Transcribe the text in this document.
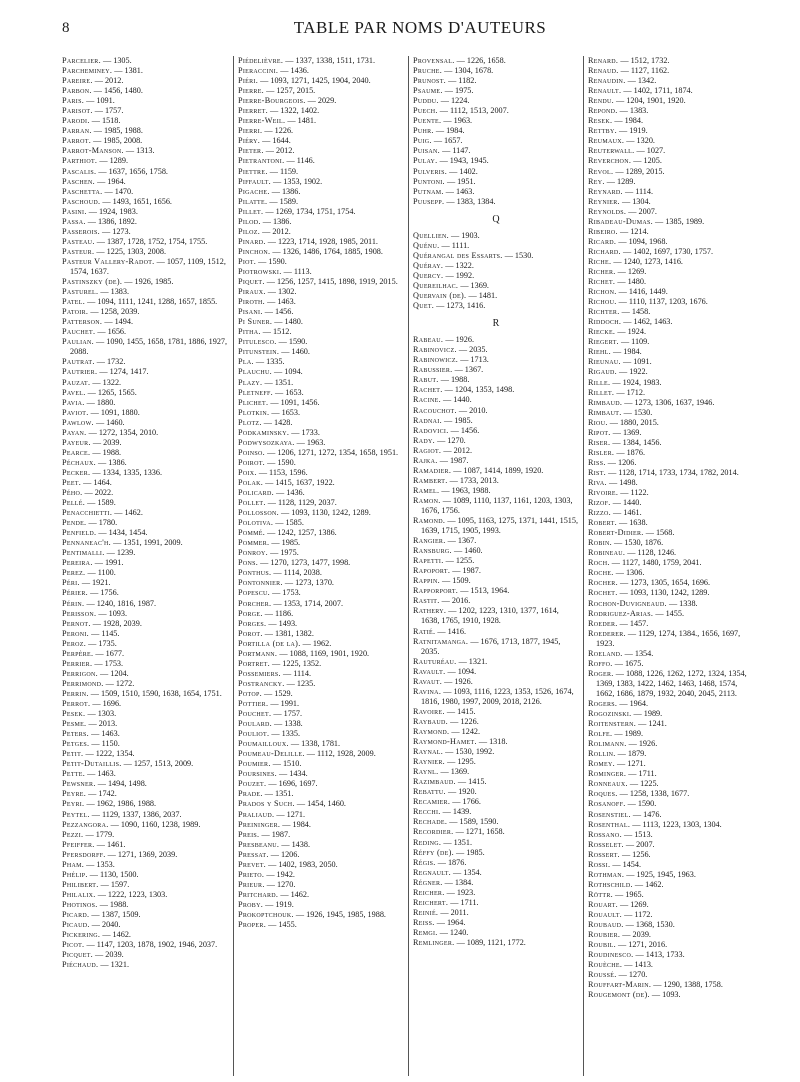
8	TABLE PAR NOMS D'AUTEURS

Parcelier. — 1305.

Parcheminey. — 1381.

Pareire. — 2012.

Parbon. — 1456, 1480.

Paris. — 1091.

Parisot. — 1757.

Parodi. — 1518.

Parran. — 1985, 1988.

Parrot. — 1985, 2008.

Parrot-Manson. — 1313.

Parthiot. — 1289.

Pascalis. — 1637, 1656, 1758.

Paschen. — 1964.

Paschetta. — 1470.

Paschoud. — 1493, 1651, 1656.

Pasini. — 1924, 1983.

Passa. — 1386, 1892.

Passerois. — 1273.

Pasteau. — 1387, 1728, 1752, 1754, 1755.

Pasteur. — 1225, 1303, 2008.

Pasteur Vallery-Radot. — 1057, 1109, 1512, 1574, 1637.

Pastinszky (de). — 1926, 1985.

Pasturel. — 1383.

Patel. — 1094, 1111, 1241, 1288, 1657, 1855.

Patoir. — 1258, 2039.

Patterson. — 1494.

Pauchet. — 1656.

Paulian. — 1090, 1455, 1658, 1781, 1886, 1927, 2088.

Pautrat. — 1732.

Pautrier. — 1274, 1417.

Pauzat. — 1322.

Pavel. — 1265, 1565.

Pavia. — 1880.

Paviot. — 1091, 1880.

Pawlow. — 1460.

Payan. — 1272, 1354, 2010.

Payeur. — 2039.

Pearce. — 1988.

Péchaux. — 1386.

Pecker. — 1334, 1335, 1336.

Peet. — 1464.

Pého. — 2022.

Pellé. — 1589.

Penacchietti. — 1462.

Pende. — 1780.

Penfield. — 1434, 1454.

Pennaneac'h. — 1351, 1991, 2009.

Pentimalli. — 1239.

Pereira. — 1991.

Perez. — 1100.

Péri. — 1921.

Périer. — 1756.

Périn. — 1240, 1816, 1987.

Perisson. — 1093.

Pernot. — 1928, 2039.

Peroni. — 1145.

Peroz. — 1735.

Perpère. — 1677.

Perrier. — 1753.

Perrigon. — 1204.

Perrimond. — 1272.

Perrin. — 1509, 1510, 1590, 1638, 1654, 1751.

Perrot. — 1696.

Pesek. — 1303.

Pesme. — 2013.

Peters. — 1463.

Petges. — 1150.

Petit. — 1222, 1354.

Petit-Dutaillis. — 1257, 1513, 2009.

Pette. — 1463.

Pewsner. — 1494, 1498.

Peyre. — 1742.

Peyri. — 1962, 1986, 1988.

Peytel. — 1129, 1337, 1386, 2037.

Pezzangora. — 1090, 1160, 1238, 1989.

Pezzi. — 1779.

Pfeiffer. — 1461.

Pfersdorff. — 1271, 1369, 2039.

Pham. — 1353.

Phélip. — 1130, 1500.

Philibert. — 1597.

Philalix. — 1222, 1223, 1303.

Photinos. — 1988.

Picard. — 1387, 1509.

Picaud. — 2040.

Pickering. — 1462.

Picot. — 1147, 1203, 1878, 1902, 1946, 2037.

Picquet. — 2039.

Piéchaud. — 1321.

Piédelièvre. — 1337, 1338, 1511, 1731.

Pieraccini. — 1436.

Piéri. — 1093, 1271, 1425, 1904, 2040.

Pierre. — 1257, 2015.

Pierre-Bourgeois. — 2029.

Pierret. — 1322, 1402.

Pierre-Weil. — 1481.

Pierri. — 1226.

Piéry. — 1644.

Pieter. — 2012.

Pietrantoni. — 1146.

Piettre. — 1159.

Piffault. — 1353, 1902.

Pigache. — 1386.

Pilatte. — 1589.

Pillet. — 1269, 1734, 1751, 1754.

Pilod. — 1386.

Piloz. — 2012.

Pinard. — 1223, 1714, 1928, 1985, 2011.

Pinchon. — 1326, 1486, 1764, 1885, 1908.

Piot. — 1590.

Piotrowski. — 1113.

Piquet. — 1256, 1257, 1415, 1898, 1919, 2015.

Piraux. — 1302.

Piroth. — 1463.

Pisani. — 1456.

Pi Suner. — 1480.

Pitha. — 1512.

Pitulesco. — 1590.

Pitunstein. — 1460.

Pla. — 1335.

Plauchu. — 1094.

Plazy. — 1351.

Pletneff. — 1653.

Plichet. — 1091, 1456.

Plotkin. — 1653.

Plotz. — 1428.

Podkaminsky. — 1733.

Podwysozkaya. — 1963.

Poinso. — 1206, 1271, 1272, 1354, 1658, 1951.

Poirot. — 1590.

Poix. — 1153, 1596.

Polak. — 1415, 1637, 1922.

Policard. — 1436.

Pollet. — 1128, 1129, 2037.

Pollosson. — 1093, 1130, 1242, 1289.

Polotiva. — 1585.

Pommé. — 1242, 1257, 1386.

Pommer. — 1985.

Ponroy. — 1975.

Pons. — 1270, 1273, 1477, 1998.

Ponthus. — 1114, 2038.

Pontonnier. — 1273, 1370.

Popescu. — 1753.

Porcher. — 1353, 1714, 2007.

Porge. — 1186.

Porges. — 1493.

Porot. — 1381, 1382.

Portilla (de la). — 1962.

Portmann. — 1088, 1169, 1901, 1920.

Portret. — 1225, 1352.

Possemiers. — 1114.

Postrancky. — 1235.

Potop. — 1529.

Pottier. — 1991.

Pouchet. — 1757.

Poulard. — 1338.

Pouliot. — 1335.

Poumailloux. — 1338, 1781.

Poumeau-Delille. — 1112, 1928, 2009.

Poumier. — 1510.

Poursines. — 1434.

Pouzet. — 1696, 1697.

Prade. — 1351.

Prados y Such. — 1454, 1460.

Praliaud. — 1271.

Preininger. — 1984.

Preis. — 1987.

Presbeanu. — 1438.

Pressat. — 1206.

Prevet. — 1402, 1983, 2050.

Prieto. — 1942.

Prieur. — 1270.

Pritchard. — 1462.

Proby. — 1919.

Prokoptchouk. — 1926, 1945, 1985, 1988.

Proper. — 1455.

Provensal. — 1226, 1658.

Pruche. — 1304, 1678.

Prunost. — 1182.

Psaume. — 1975.

Puddu. — 1224.

Puech. — 1112, 1513, 2007.

Puente. — 1963.

Puhr. — 1984.

Puig. — 1657.

Puisan. — 1147.

Pulay. — 1943, 1945.

Pulveris. — 1402.

Puntoni. — 1951.

Putnam. — 1463.

Puusepp. — 1383, 1384.

Q

Quellien. — 1903.

Quénu. — 1111.

Quérangal des Essarts. — 1530.

Quéray. — 1322.

Quercy. — 1992.

Quereilhac. — 1369.

Quervain (de). — 1481.

Quet. — 1273, 1416.

R

Rabeau. — 1926.

Rabinovicz. — 2035.

Rabinowicz. — 1713.

Rabussier. — 1367.

Rabut. — 1988.

Rachet. — 1204, 1353, 1498.

Racine. — 1440.

Racouchot. — 2010.

Radnai. — 1985.

Radovici. — 1456.

Rady. — 1270.

Ragiot. — 2012.

Rajka. — 1987.

Ramadier. — 1087, 1414, 1899, 1920.

Rambert. — 1733, 2013.

Ramel. — 1963, 1988.

Ramon. — 1089, 1110, 1137, 1161, 1203, 1303, 1676, 1756.

Ramond. — 1095, 1163, 1275, 1371, 1441, 1515, 1639, 1715, 1905, 1993.

Rangier. — 1367.

Ransburg. — 1460.

Rapetti. — 1255.

Rapoport. — 1987.

Rappin. — 1509.

Rapporport. — 1513, 1964.

Rastit. — 2016.

Rathery. — 1202, 1223, 1310, 1377, 1614, 1638, 1765, 1910, 1928.

Ratié. — 1416.

Ratnitamanga. — 1676, 1713, 1877, 1945, 2035.

Rauturéau. — 1321.

Ravault. — 1094.

Ravaut. — 1926.

Ravina. — 1093, 1116, 1223, 1353, 1526, 1674, 1816, 1980, 1997, 2009, 2018, 2126.

Ravoire. — 1415.

Raybaud. — 1226.

Raymond. — 1242.

Raymond-Hamet. — 1318.

Raynal. — 1530, 1992.

Raynier. — 1295.

Raynl. — 1369.

Razimbaud. — 1415.

Rebattu. — 1920.

Recamier. — 1766.

Recchi. — 1439.

Rechade. — 1589, 1590.

Recordier. — 1271, 1658.

Reding. — 1351.

Réffy (de). — 1985.

Régis. — 1876.

Regnault. — 1354.

Régner. — 1384.

Reicher. — 1923.

Reichert. — 1711.

Reinié. — 2011.

Reiss. — 1964.

Remgi. — 1240.

Remlinger. — 1089, 1121, 1772.

Renard. — 1512, 1732.

Renaud. — 1127, 1162.

Renaudin. — 1342.

Renault. — 1402, 1711, 1874.

Rendu. — 1204, 1901, 1920.

Repond. — 1383.

Resek. — 1984.

Rettby. — 1919.

Reumaux. — 1320.

Reuterwall. — 1027.

Reverchon. — 1205.

Revol. — 1289, 2015.

Rey. — 1289.

Reynard. — 1114.

Reynier. — 1304.

Reynolds. — 2007.

Ribadeau-Dumas. — 1385, 1989.

Ribeiro. — 1214.

Ricard. — 1094, 1968.

Richard. — 1402, 1697, 1730, 1757.

Riche. — 1240, 1273, 1416.

Richer. — 1269.

Richet. — 1480.

Richon. — 1416, 1449.

Richou. — 1110, 1137, 1203, 1676.

Richter. — 1458.

Riddoch. — 1462, 1463.

Riecke. — 1924.

Riegert. — 1109.

Riehl. — 1984.

Rieunau. — 1091.

Rigaud. — 1922.

Rille. — 1924, 1983.

Rillet. — 1712.

Rimbaud. — 1273, 1306, 1637, 1946.

Rimbaut. — 1530.

Riou. — 1880, 2015.

Ripot. — 1369.

Riser. — 1384, 1456.

Risler. — 1876.

Riss. — 1206.

Rist. — 1128, 1714, 1733, 1734, 1782, 2014.

Riva. — 1498.

Rivoire. — 1122.

Rizof. — 1440.

Rizzo. — 1461.

Robert. — 1638.

Robert-Didier. — 1568.

Robin. — 1530, 1876.

Robineau. — 1128, 1246.

Roch. — 1127, 1480, 1759, 2041.

Roche. — 1306.

Rocher. — 1273, 1305, 1654, 1696.

Rochet. — 1093, 1130, 1242, 1289.

Rochon-Duvigneaud. — 1338.

Rodriguez-Arias. — 1455.

Roeder. — 1457.

Roederer. — 1129, 1274, 1384., 1656, 1697, 1923.

Roeland. — 1354.

Roffo. — 1675.

Roger. — 1088, 1226, 1262, 1272, 1324, 1354, 1369, 1383, 1422, 1462, 1463, 1468, 1574, 1662, 1686, 1879, 1932, 2040, 2045, 2113.

Rogers. — 1964.

Rogozinski. — 1989.

Roitenstern. — 1241.

Rolfe. — 1989.

Rolimann. — 1926.

Rollin. — 1879.

Romey. — 1271.

Rominger. — 1711.

Ronneaux. — 1225.

Roques. — 1258, 1338, 1677.

Rosanoff. — 1590.

Rosenstiel. — 1476.

Rosenthal. — 1113, 1223, 1303, 1304.

Rossano. — 1513.

Rosselet. — 2007.

Rossert. — 1256.

Rossi. — 1454.

Rothman. — 1925, 1945, 1963.

Rothschild. — 1462.

Röttr. — 1965.

Rouart. — 1269.

Rouault. — 1172.

Roubaud. — 1368, 1530.

Roubier. — 2039.

Roubil. — 1271, 2016.

Roudinesco. — 1413, 1733.

Rouèche. — 1413.

Roussé. — 1270.

Rouffart-Marin. — 1290, 1388, 1758.

Rougemont (de). — 1093.
